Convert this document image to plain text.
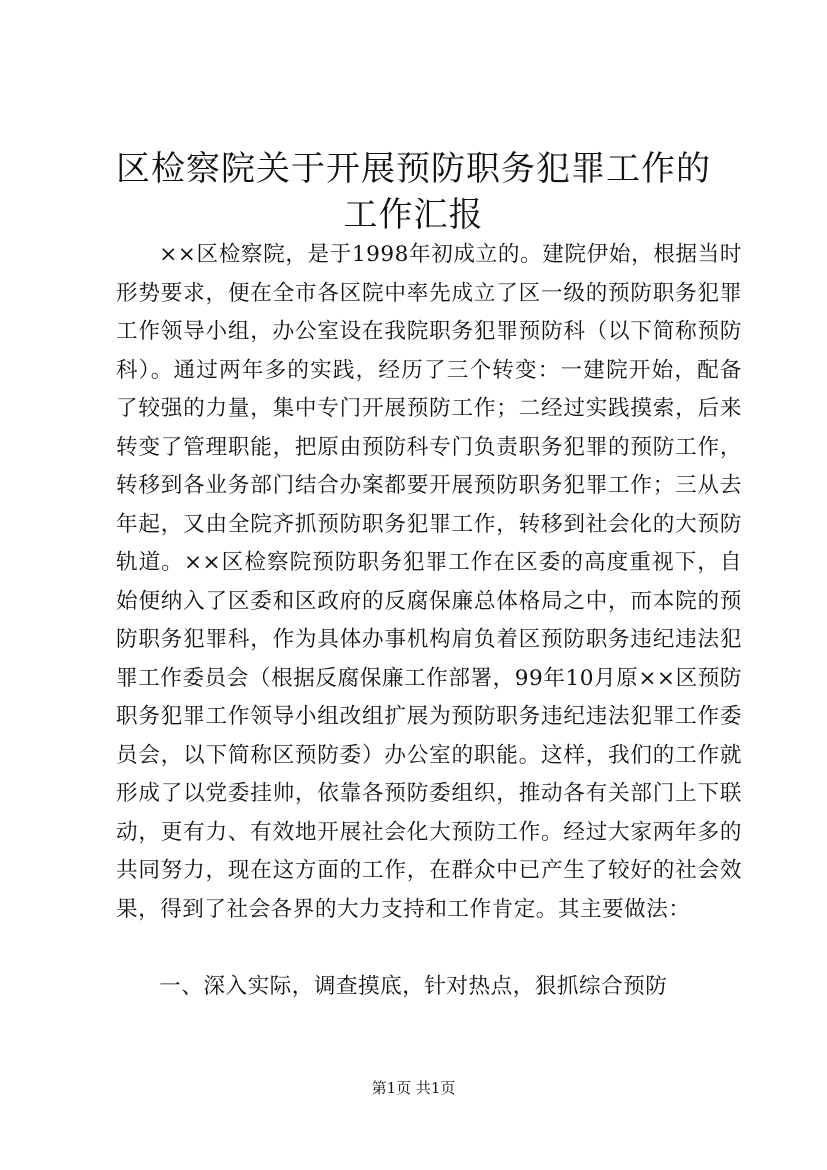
区检察院关于开展预防职务犯罪工作的工作汇报

××区检察院，是于1998年初成立的。建院伊始，根据当时形势要求，便在全市各区院中率先成立了区一级的预防职务犯罪工作领导小组，办公室设在我院职务犯罪预防科（以下简称预防科）。通过两年多的实践，经历了三个转变：一建院开始，配备了较强的力量，集中专门开展预防工作；二经过实践摸索，后来转变了管理职能，把原由预防科专门负责职务犯罪的预防工作，转移到各业务部门结合办案都要开展预防职务犯罪工作；三从去年起，又由全院齐抓预防职务犯罪工作，转移到社会化的大预防轨道。××区检察院预防职务犯罪工作在区委的高度重视下，自始便纳入了区委和区政府的反腐保廉总体格局之中，而本院的预防职务犯罪科，作为具体办事机构肩负着区预防职务违纪违法犯罪工作委员会（根据反腐保廉工作部署，99年10月原××区预防职务犯罪工作领导小组改组扩展为预防职务违纪违法犯罪工作委员会，以下简称区预防委）办公室的职能。这样，我们的工作就形成了以党委挂帅，依靠各预防委组织，推动各有关部门上下联动，更有力、有效地开展社会化大预防工作。经过大家两年多的共同努力，现在这方面的工作，在群众中已产生了较好的社会效果，得到了社会各界的大力支持和工作肯定。其主要做法：

一、深入实际，调查摸底，针对热点，狠抓综合预防

第1页 共1页
